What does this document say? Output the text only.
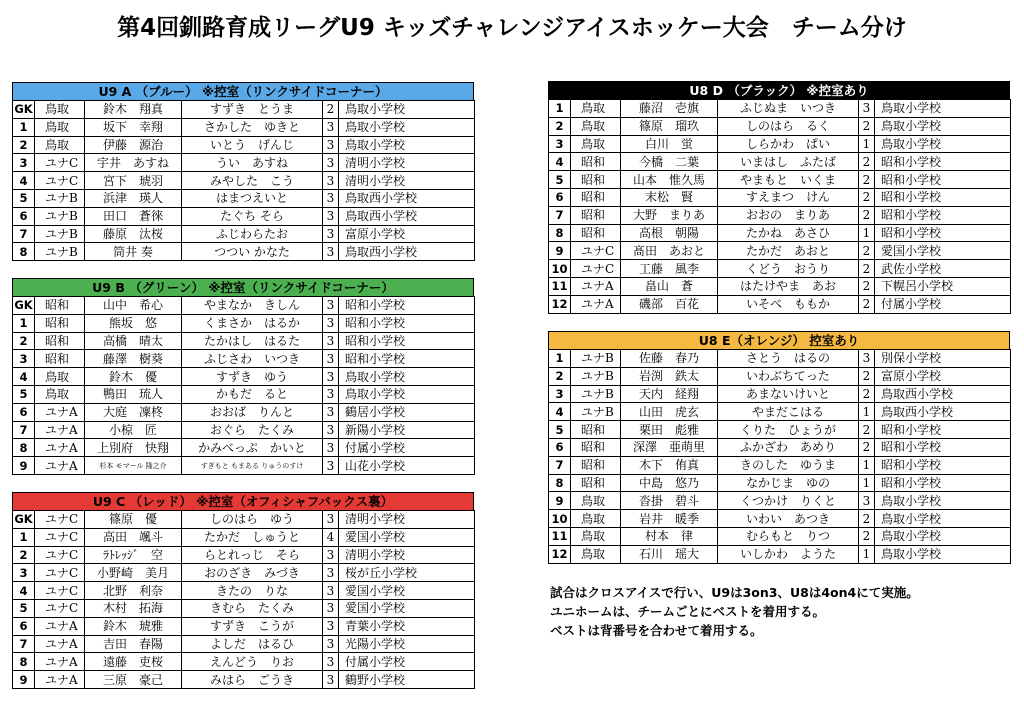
第4回釧路育成リーグU9 キッズチャレンジアイスホッケー大会　チーム分け
U9 A （ブルー） ※控室（リンクサイドコーナー）
GK	鳥取	鈴木　翔真	すずき　とうま	2	鳥取小学校
1	鳥取	坂下　幸翔	さかした　ゆきと	3	鳥取小学校
2	鳥取	伊藤　源治	いとう　げんじ	3	鳥取小学校
3	ユナC	宇井　あすね	うい　あすね	3	清明小学校
4	ユナC	宮下　琥羽	みやした　こう	3	清明小学校
5	ユナB	浜津　瑛人	はまつえいと	3	鳥取西小学校
6	ユナB	田口　蒼徠	たぐち そら	3	鳥取西小学校
7	ユナB	藤原　汰桜	ふじわらたお	3	富原小学校
8	ユナB	筒井 奏	つつい かなた	3	鳥取西小学校
U9 B （グリーン） ※控室（リンクサイドコーナー）
GK	昭和	山中　希心	やまなか　きしん	3	昭和小学校
1	昭和	熊坂　悠	くまさか　はるか	3	昭和小学校
2	昭和	高橋　晴太	たかはし　はるた	3	昭和小学校
3	昭和	藤澤　樹葵	ふじさわ　いつき	3	昭和小学校
4	鳥取	鈴木　優	すずき　ゆう	3	鳥取小学校
5	鳥取	鴨田　琉人	かもだ　ると	3	鳥取小学校
6	ユナA	大庭　凜柊	おおば　りんと	3	鶴居小学校
7	ユナA	小椋　匠	おぐら　たくみ	3	新陽小学校
8	ユナA	上別府　快翔	かみべっぷ　かいと	3	付属小学校
9	ユナA	杉本 モマール 隆之介	すぎもと もまある りゅうのすけ	3	山花小学校
U9 C （レッド） ※控室（オフィシャフバックス裏）
GK	ユナC	篠原　優	しのはら　ゆう	3	清明小学校
1	ユナC	高田　颯斗	たかだ　しゅうと	4	愛国小学校
2	ユナC	ﾗﾄﾚｯｼﾞ　空	らとれっじ　そら	3	清明小学校
3	ユナC	小野崎　美月	おのざき　みづき	3	桜が丘小学校
4	ユナC	北野　利奈	きたの　りな	3	愛国小学校
5	ユナC	木村　拓海	きむら　たくみ	3	愛国小学校
6	ユナA	鈴木　琥雅	すずき　こうが	3	青葉小学校
7	ユナA	吉田　春陽	よしだ　はるひ	3	光陽小学校
8	ユナA	遠藤　吏桜	えんどう　りお	3	付属小学校
9	ユナA	三原　豪己	みはら　ごうき	3	鶴野小学校
U8 D （ブラック） ※控室あり
1	鳥取	藤沼　壱旗	ふじぬま　いつき	3	鳥取小学校
2	鳥取	篠原　瑠玖	しのはら　るく	2	鳥取小学校
3	鳥取	白川　蛍	しらかわ　ぱい	1	鳥取小学校
4	昭和	今橋　二葉	いまはし　ふたば	2	昭和小学校
5	昭和	山本　惟久馬	やまもと　いくま	2	昭和小学校
6	昭和	末松　賢	すえまつ　けん	2	昭和小学校
7	昭和	大野　まりあ	おおの　まりあ	2	昭和小学校
8	昭和	高根　朝陽	たかね　あさひ	1	昭和小学校
9	ユナC	髙田　あおと	たかだ　あおと	2	愛国小学校
10	ユナC	工藤　風李	くどう　おうり	2	武佐小学校
11	ユナA	畠山　蒼	はたけやま　あお	2	下幌呂小学校
12	ユナA	磯部　百花	いそべ　ももか	2	付属小学校
U8 E（オレンジ） 控室あり
1	ユナB	佐藤　春乃	さとう　はるの	3	別保小学校
2	ユナB	岩渕　鉄太	いわぶちてった	2	富原小学校
3	ユナB	天内　経翔	あまないけいと	2	鳥取西小学校
4	ユナB	山田　虎玄	やまだこはる	1	鳥取西小学校
5	昭和	栗田　彪雅	くりた　ひょうが	2	昭和小学校
6	昭和	深澤　亜萌里	ふかざわ　あめり	2	昭和小学校
7	昭和	木下　侑真	きのした　ゆうま	1	昭和小学校
8	昭和	中島　悠乃	なかじま　ゆの	1	昭和小学校
9	鳥取	沓掛　碧斗	くつかけ　りくと	3	鳥取小学校
10	鳥取	岩井　暖季	いわい　あつき	2	鳥取小学校
11	鳥取	村本　律	むらもと　りつ	2	鳥取小学校
12	鳥取	石川　瑶大	いしかわ　ようた	1	鳥取小学校

試合はクロスアイスで行い、U9は3on3、U8は4on4にて実施。

ユニホームは、チームごとにベストを着用する。

ベストは背番号を合わせて着用する。
